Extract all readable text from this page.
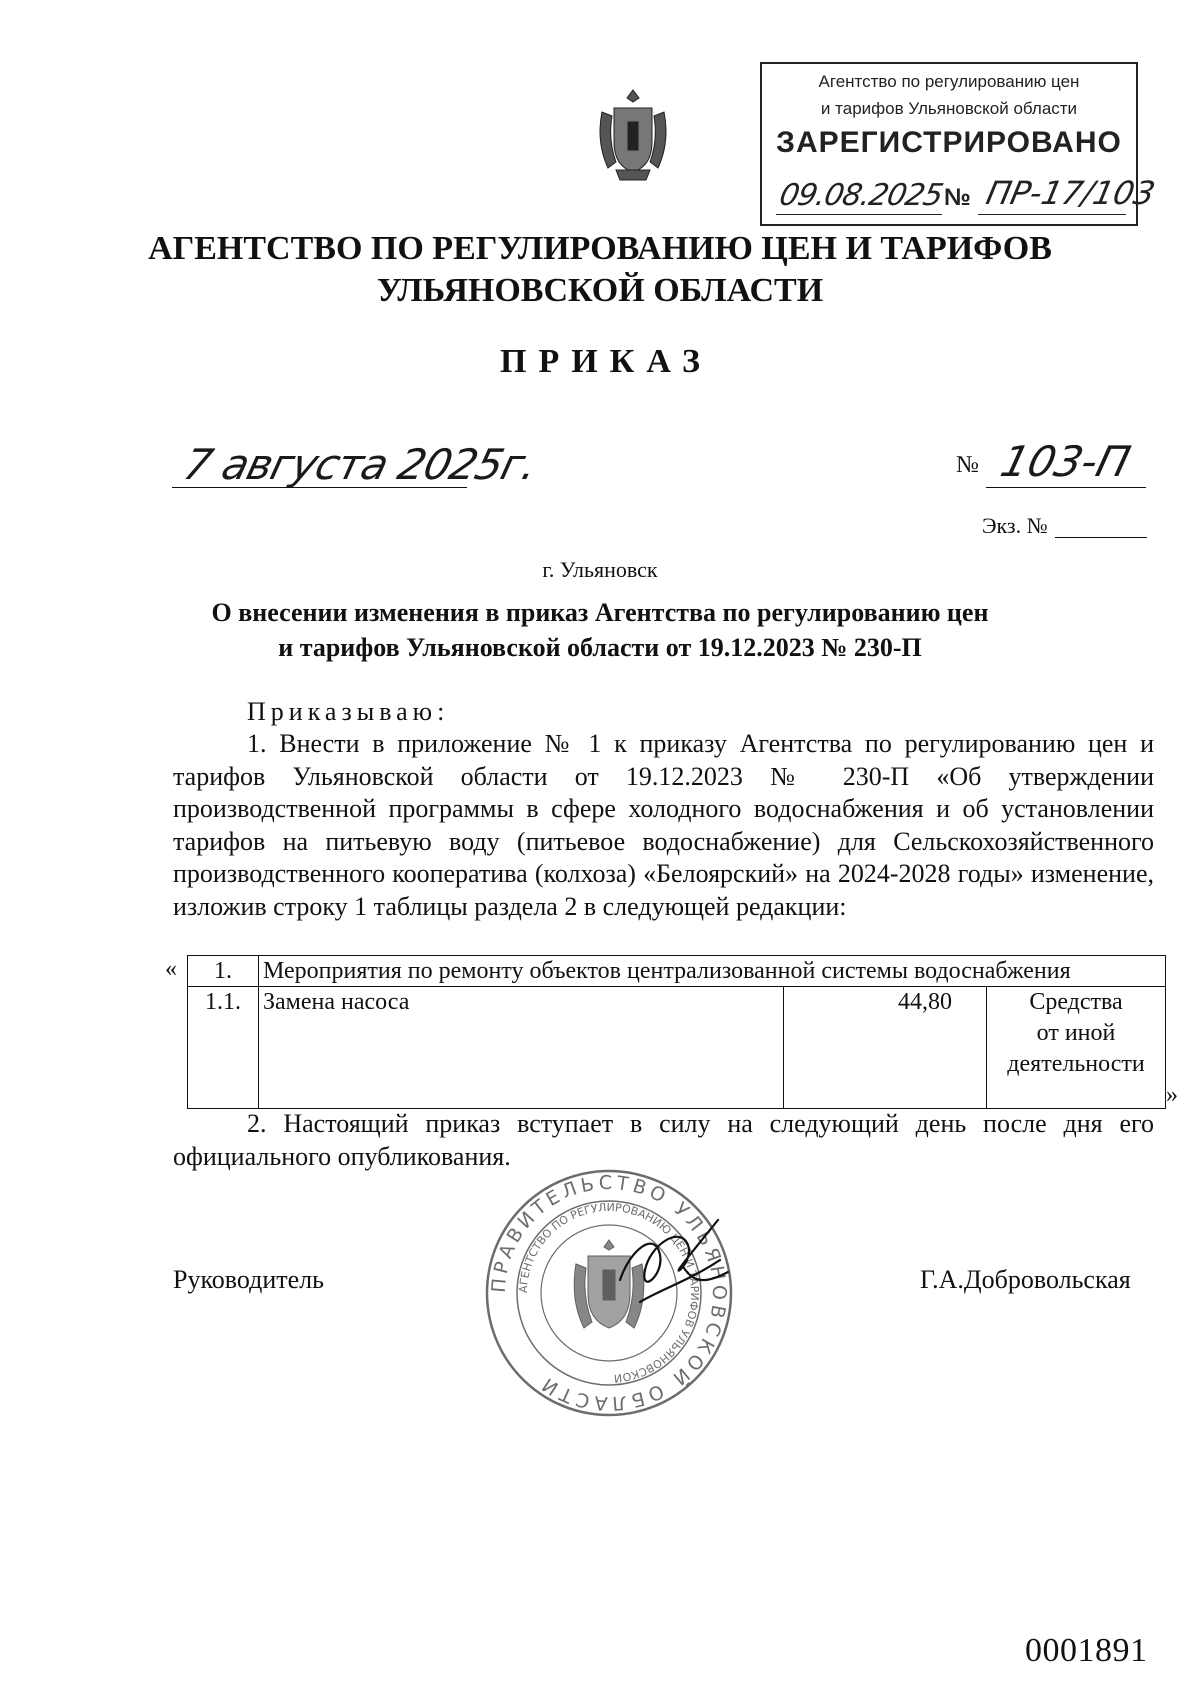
Агентство по регулированию цен
и тарифов Ульяновской области
ЗАРЕГИСТРИРОВАНО
09.08.2025
№ ПР-17/103
АГЕНТСТВО ПО РЕГУЛИРОВАНИЮ ЦЕН И ТАРИФОВ
УЛЬЯНОВСКОЙ ОБЛАСТИ
ПРИКАЗ
7 августа 2025г.	№ 103-П
Экз. №
г. Ульяновск
О внесении изменения в приказ Агентства по регулированию цен
и тарифов Ульяновской области от 19.12.2023 № 230-П
Приказываю:
1. Внести в приложение № 1 к приказу Агентства по регулированию цен и тарифов Ульяновской области от 19.12.2023 № 230-П «Об утверждении производственной программы в сфере холодного водоснабжения и об установлении тарифов на питьевую воду (питьевое водоснабжение) для Сельскохозяйственного производственного кооператива (колхоза) «Белоярский» на 2024-2028 годы» изменение, изложив строку 1 таблицы раздела 2 в следующей редакции:
« 1.	Мероприятия по ремонту объектов централизованной системы водоснабжения		
1.1.	Замена насоса	44,80	Средства
от иной
деятельности
»
2. Настоящий приказ вступает в силу на следующий день после дня его официального опубликования.
ПРАВИТЕЛЬСТВО УЛЬЯНОВСКОЙ ОБЛАСТИ
АГЕНТСТВО ПО РЕГУЛИРОВАНИЮ ЦЕН И ТАРИФОВ УЛЬЯНОВСКОЙ
Руководитель	Г.А.Добровольская
0001891
